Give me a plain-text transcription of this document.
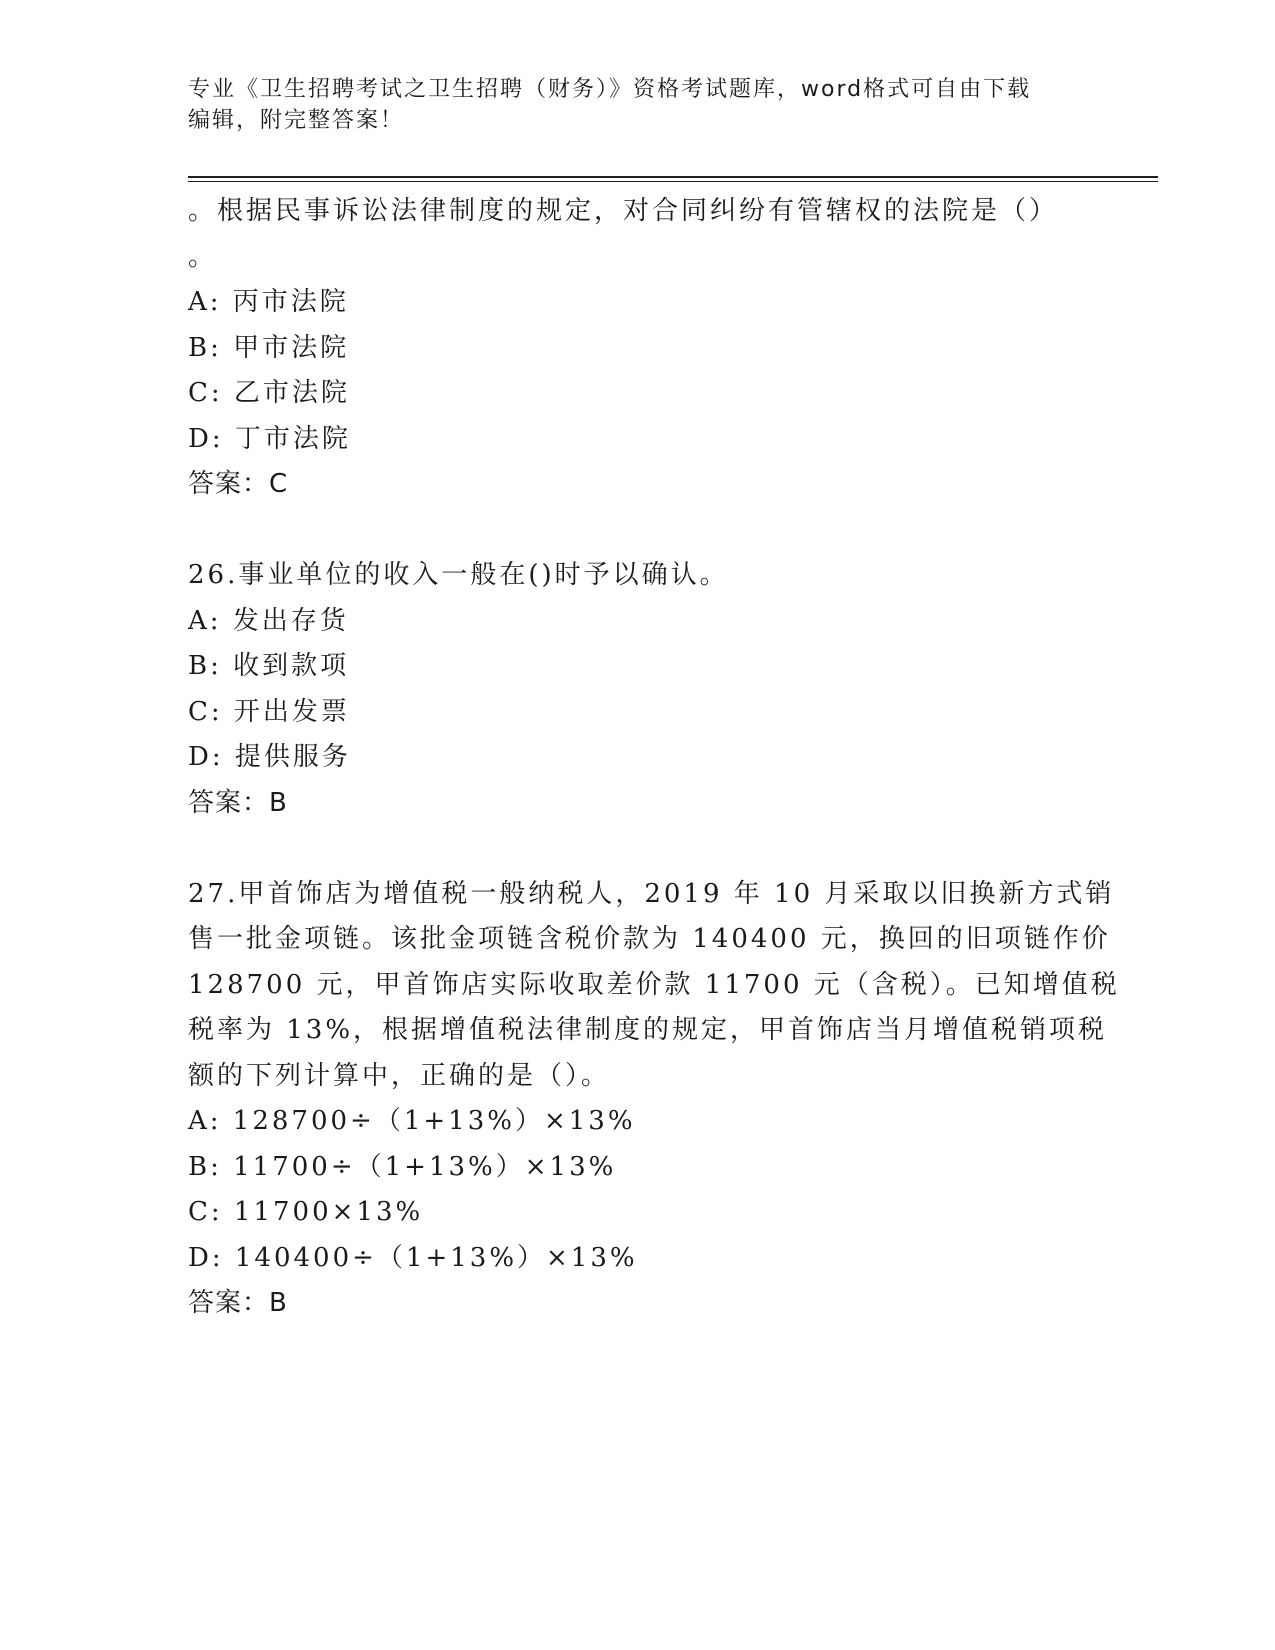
专业《卫生招聘考试之卫生招聘（财务）》资格考试题库，word格式可自由下载
编辑，附完整答案！
。根据民事诉讼法律制度的规定，对合同纠纷有管辖权的法院是（）
。
A: 丙市法院
B: 甲市法院
C: 乙市法院
D: 丁市法院
答案：C
26.事业单位的收入一般在()时予以确认。
A: 发出存货
B: 收到款项
C: 开出发票
D: 提供服务
答案：B
27.甲首饰店为增值税一般纳税人，2019 年 10 月采取以旧换新方式销
售一批金项链。该批金项链含税价款为 140400 元，换回的旧项链作价
128700 元，甲首饰店实际收取差价款 11700 元（含税）。已知增值税
税率为 13%，根据增值税法律制度的规定，甲首饰店当月增值税销项税
额的下列计算中，正确的是（）。
A: 128700÷（1+13%）×13%
B: 11700÷（1+13%）×13%
C: 11700×13%
D: 140400÷（1+13%）×13%
答案：B
